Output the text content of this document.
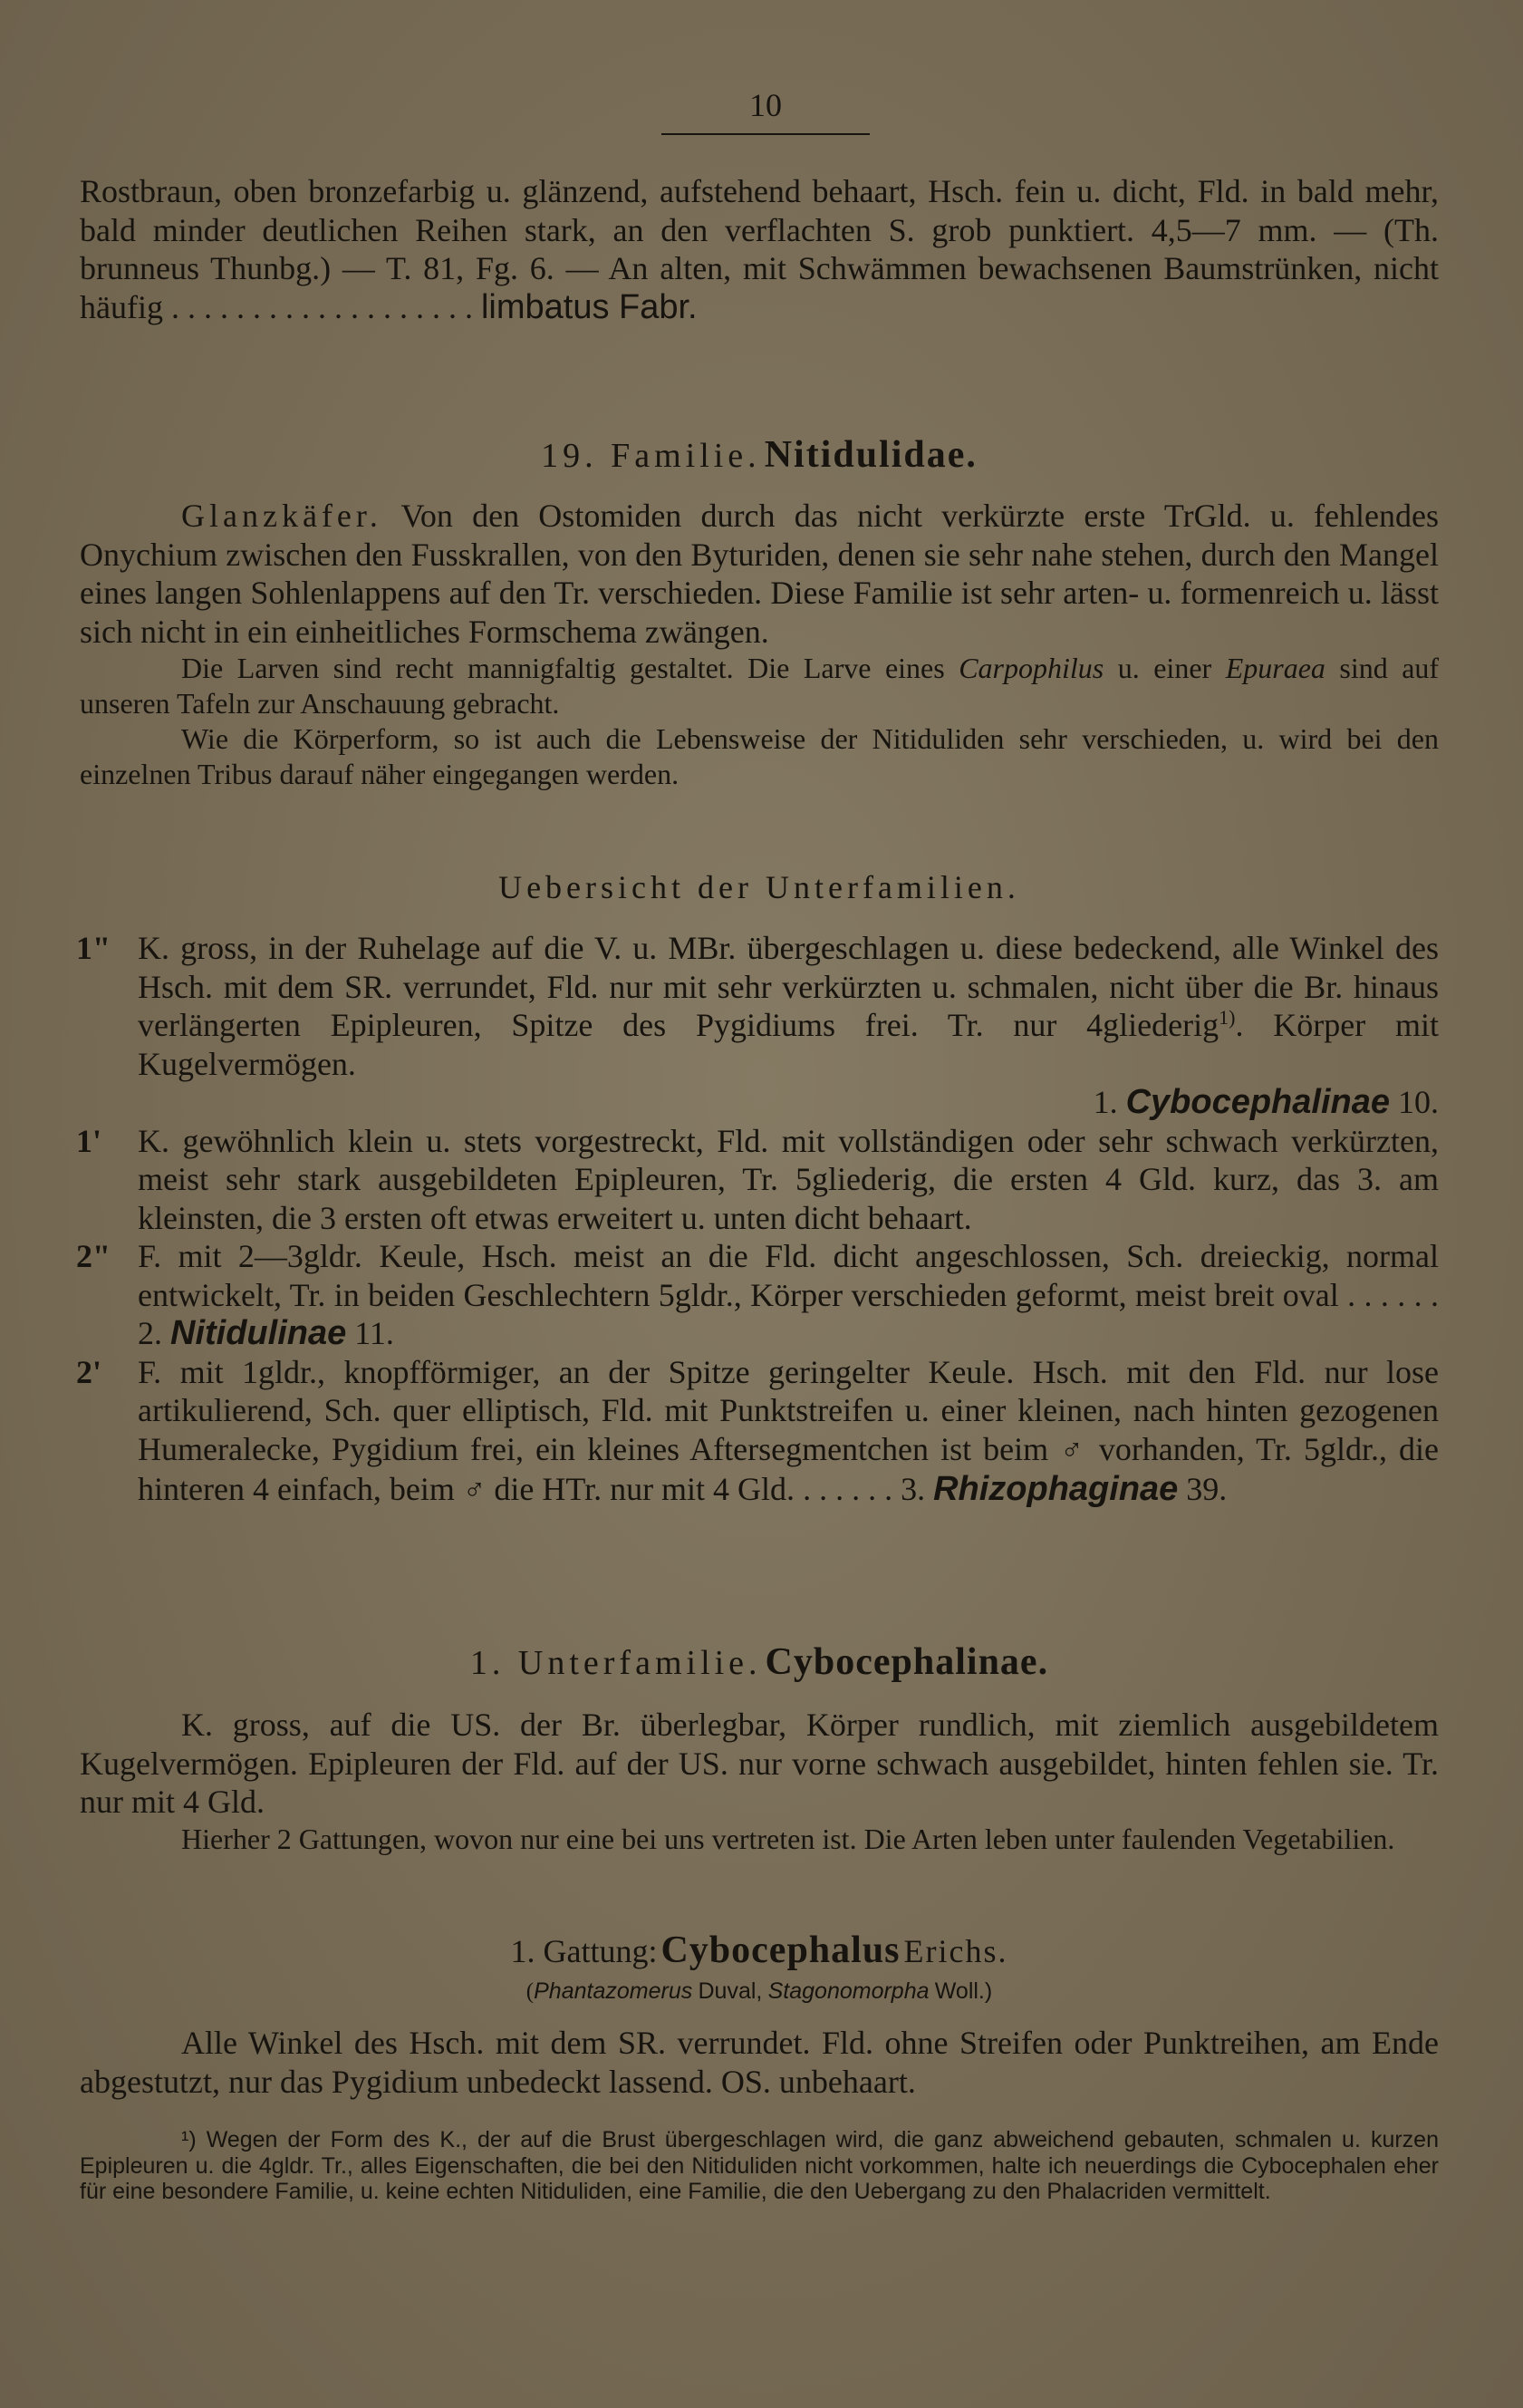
10

Rostbraun, oben bronzefarbig u. glänzend, aufstehend behaart, Hsch. fein u. dicht, Fld. in bald mehr, bald minder deutlichen Reihen stark, an den verflachten S. grob punktiert. 4,5—7 mm. — (Th. brunneus Thunbg.) — T. 81, Fg. 6. — An alten, mit Schwämmen bewachsenen Baumstrünken, nicht häufig . . . . . . . . . . . . . . . . . . . limbatus Fabr.

19. Familie. Nitidulidae.

Glanzkäfer. Von den Ostomiden durch das nicht verkürzte erste TrGld. u. fehlendes Onychium zwischen den Fusskrallen, von den Byturiden, denen sie sehr nahe stehen, durch den Mangel eines langen Sohlenlappens auf den Tr. verschieden. Diese Familie ist sehr arten- u. formenreich u. lässt sich nicht in ein einheitliches Formschema zwängen.

Die Larven sind recht mannigfaltig gestaltet. Die Larve eines Carpophilus u. einer Epuraea sind auf unseren Tafeln zur Anschauung gebracht.

Wie die Körperform, so ist auch die Lebensweise der Nitiduliden sehr verschieden, u. wird bei den einzelnen Tribus darauf näher eingegangen werden.

Uebersicht der Unterfamilien.
1" K. gross, in der Ruhelage auf die V. u. MBr. übergeschlagen u. diese bedeckend, alle Winkel des Hsch. mit dem SR. verrundet, Fld. nur mit sehr verkürzten u. schmalen, nicht über die Br. hinaus verlängerten Epipleuren, Spitze des Pygidiums frei. Tr. nur 4gliederig$^{1)}$. Körper mit Kugelvermögen.

1. Cybocephalinae 10.

1'	K. gewöhnlich klein u. stets vorgestreckt, Fld. mit vollständigen oder sehr schwach verkürzten, meist sehr stark ausgebildeten Epipleuren, Tr. 5gliederig, die ersten 4 Gld. kurz, das 3. am kleinsten, die 3 ersten oft etwas erweitert u. unten dicht behaart.

2" F. mit 2—3gldr. Keule, Hsch. meist an die Fld. dicht angeschlossen, Sch. dreieckig, normal entwickelt, Tr. in beiden Geschlechtern 5gldr., Körper verschieden geformt, meist breit oval . . . . . . 2. Nitidulinae 11.

2'	F. mit 1gldr., knopfförmiger, an der Spitze geringelter Keule. Hsch. mit den Fld. nur lose artikulierend, Sch. quer elliptisch, Fld. mit Punktstreifen u. einer kleinen, nach hinten gezogenen Humeralecke, Pygidium frei, ein kleines Aftersegmentchen ist beim ♂ vorhanden, Tr. 5gldr., die hinteren 4 einfach, beim ♂ die HTr. nur mit 4 Gld. . . . . . . 3. Rhizophaginae 39.

1. Unterfamilie. Cybocephalinae.

K. gross, auf die US. der Br. überlegbar, Körper rundlich, mit ziemlich ausgebildetem Kugelvermögen. Epipleuren der Fld. auf der US. nur vorne schwach ausgebildet, hinten fehlen sie. Tr. nur mit 4 Gld.

Hierher 2 Gattungen, wovon nur eine bei uns vertreten ist. Die Arten leben unter faulenden Vegetabilien.

1. Gattung: Cybocephalus Erichs.
(Phantazomerus Duval, Stagonomorpha Woll.)

Alle Winkel des Hsch. mit dem SR. verrundet. Fld. ohne Streifen oder Punktreihen, am Ende abgestutzt, nur das Pygidium unbedeckt lassend. OS. unbehaart.

¹) Wegen der Form des K., der auf die Brust übergeschlagen wird, die ganz abweichend gebauten, schmalen u. kurzen Epipleuren u. die 4gldr. Tr., alles Eigenschaften, die bei den Nitiduliden nicht vorkommen, halte ich neuerdings die Cybocephalen eher für eine besondere Familie, u. keine echten Nitiduliden, eine Familie, die den Uebergang zu den Phalacriden vermittelt.
